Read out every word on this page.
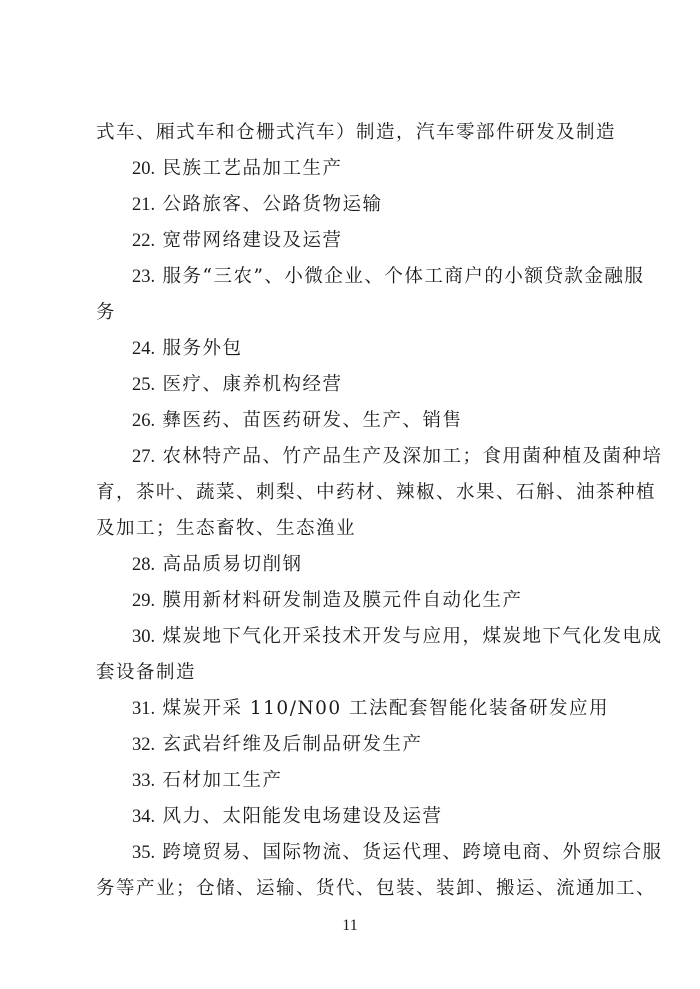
式车、厢式车和仓栅式汽车）制造，汽车零部件研发及制造
20. 民族工艺品加工生产
21. 公路旅客、公路货物运输
22. 宽带网络建设及运营
23. 服务“三农”、小微企业、个体工商户的小额贷款金融服
务
24. 服务外包
25. 医疗、康养机构经营
26. 彝医药、苗医药研发、生产、销售
27. 农林特产品、竹产品生产及深加工；食用菌种植及菌种培
育，茶叶、蔬菜、刺梨、中药材、辣椒、水果、石斛、油茶种植
及加工；生态畜牧、生态渔业
28. 高品质易切削钢
29. 膜用新材料研发制造及膜元件自动化生产
30. 煤炭地下气化开采技术开发与应用，煤炭地下气化发电成
套设备制造
31. 煤炭开采 110/N00 工法配套智能化装备研发应用
32. 玄武岩纤维及后制品研发生产
33. 石材加工生产
34. 风力、太阳能发电场建设及运营
35. 跨境贸易、国际物流、货运代理、跨境电商、外贸综合服
务等产业；仓储、运输、货代、包装、装卸、搬运、流通加工、
11
